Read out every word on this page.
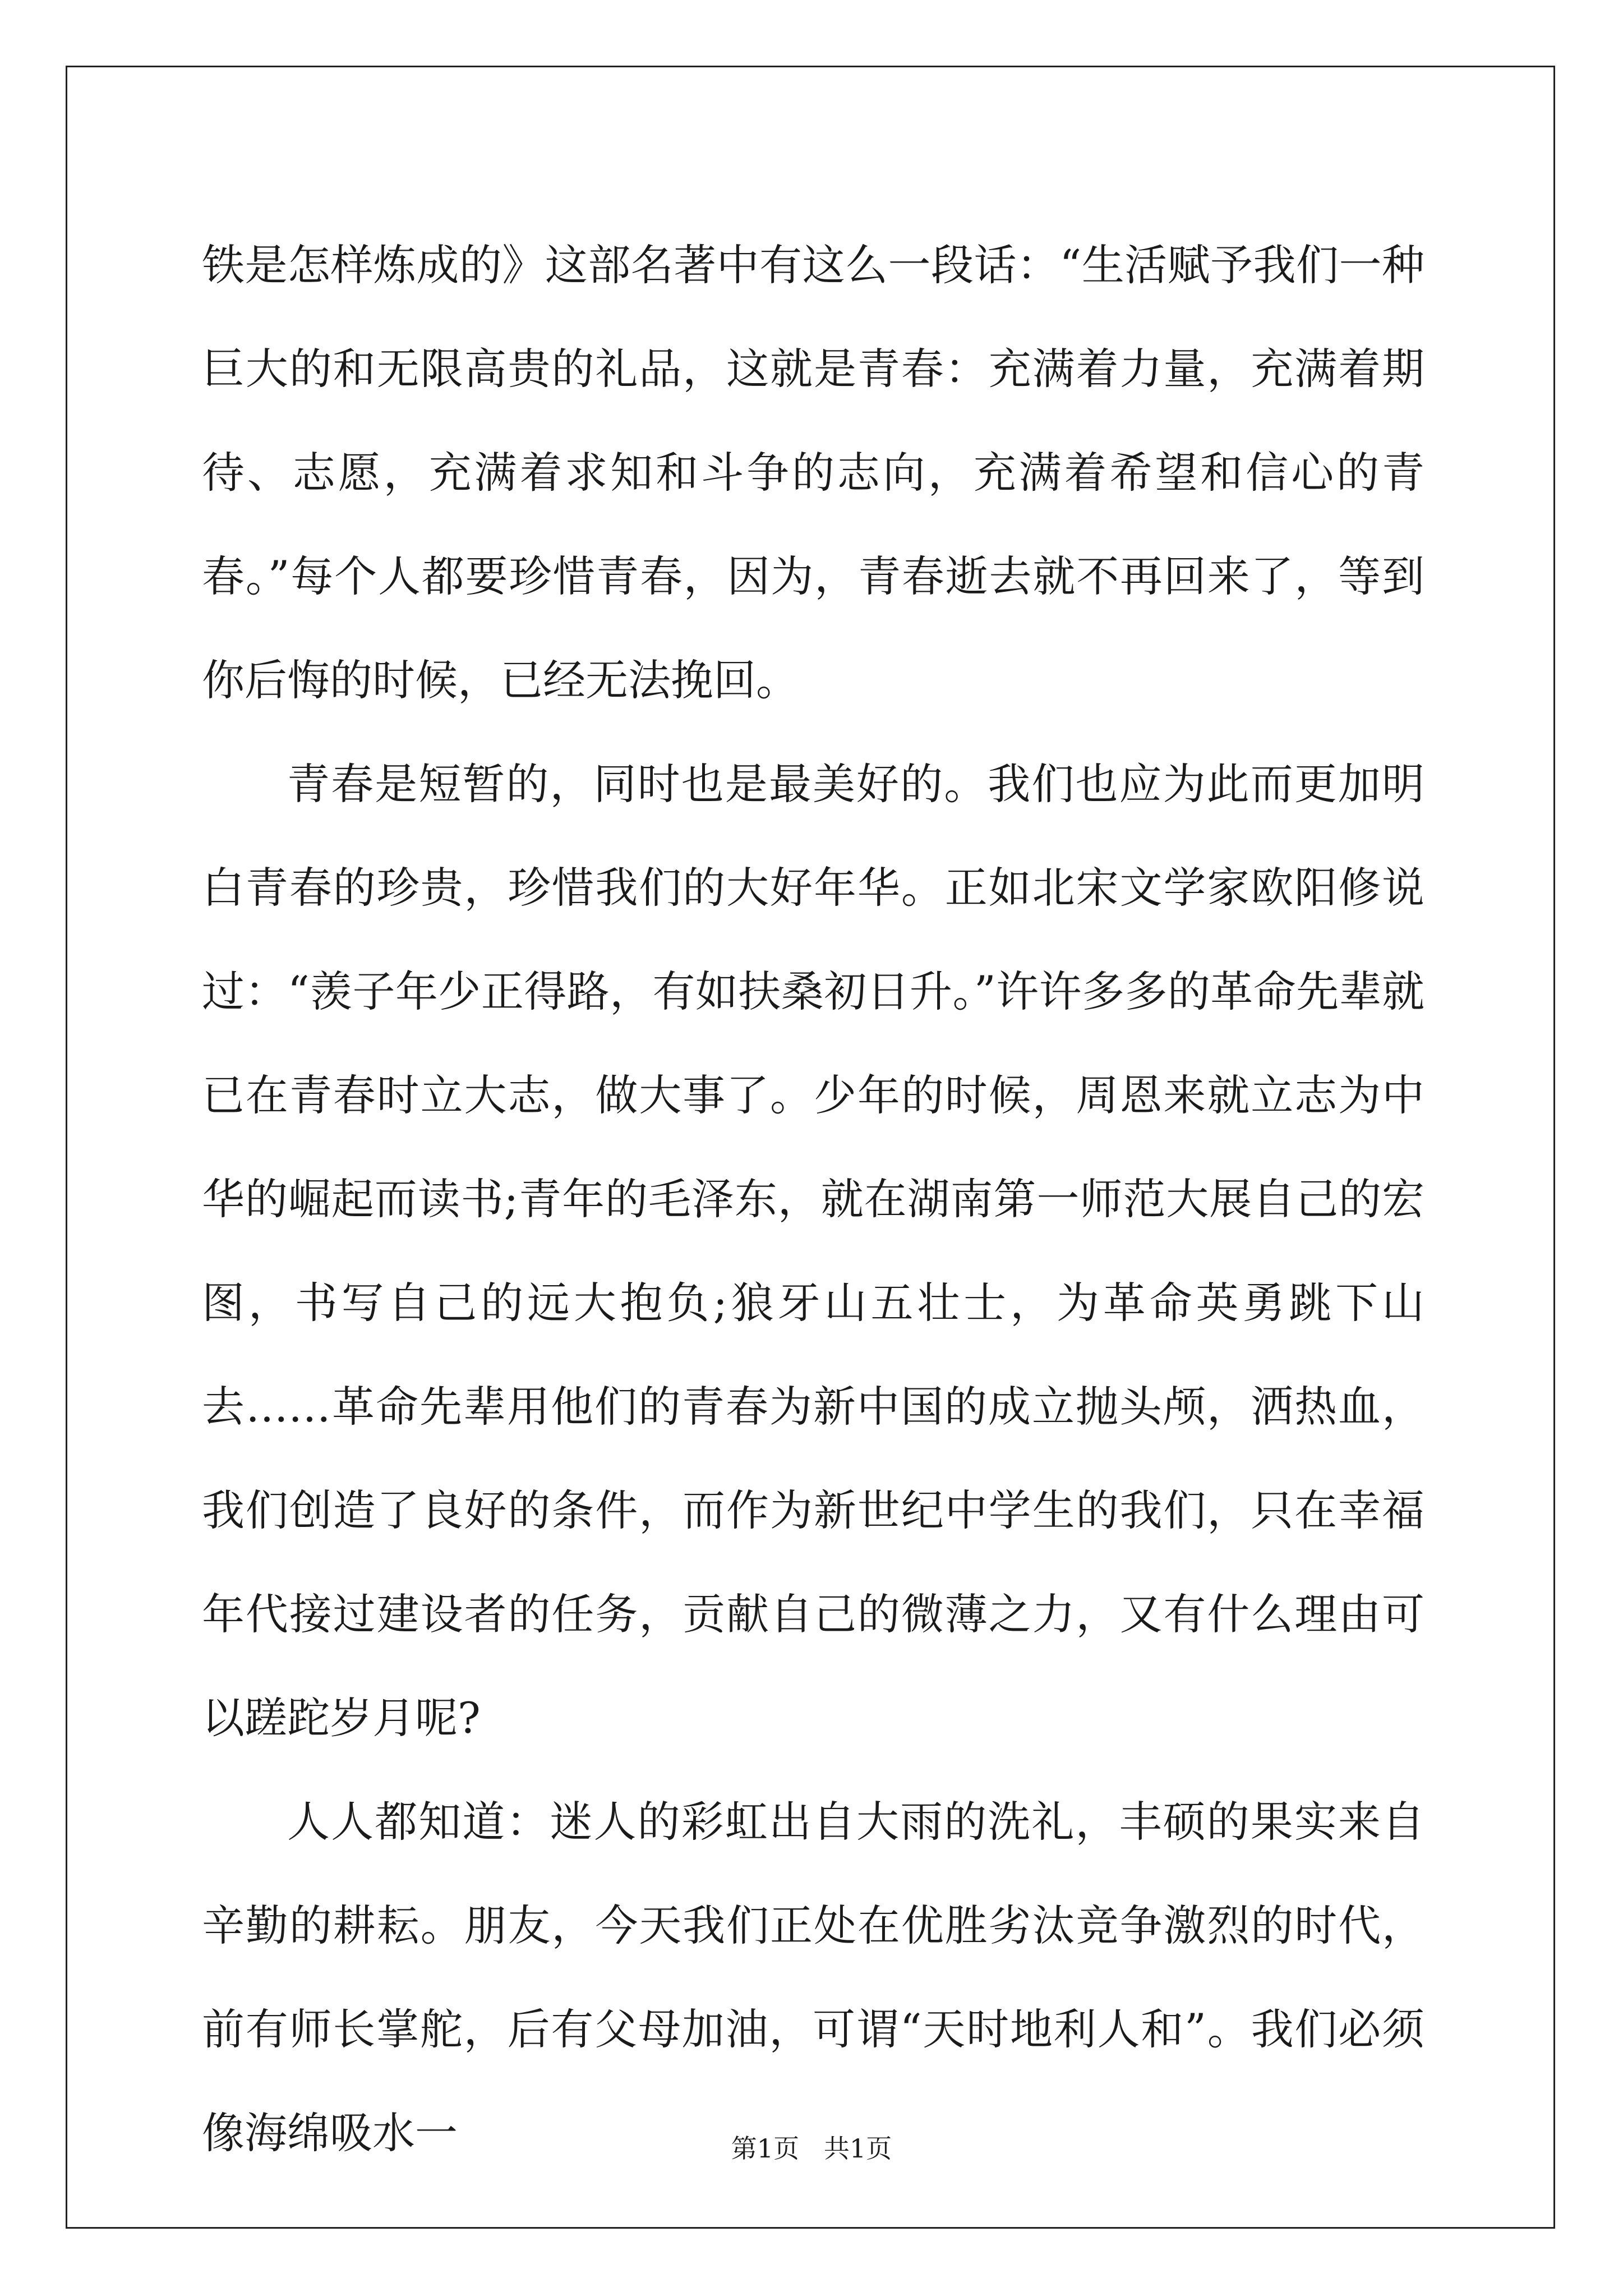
铁是怎样炼成的》这部名著中有这么一段话：“生活赋予我们一种巨大的和无限高贵的礼品，这就是青春：充满着力量，充满着期待、志愿，充满着求知和斗争的志向，充满着希望和信心的青春。”每个人都要珍惜青春，因为，青春逝去就不再回来了，等到你后悔的时候，已经无法挽回。

青春是短暂的，同时也是最美好的。我们也应为此而更加明白青春的珍贵，珍惜我们的大好年华。正如北宋文学家欧阳修说过：“羡子年少正得路，有如扶桑初日升。”许许多多的革命先辈就已在青春时立大志，做大事了。少年的时候，周恩来就立志为中华的崛起而读书;青年的毛泽东，就在湖南第一师范大展自己的宏图，书写自己的远大抱负;狼牙山五壮士，为革命英勇跳下山去……革命先辈用他们的青春为新中国的成立抛头颅，洒热血，我们创造了良好的条件，而作为新世纪中学生的我们，只在幸福年代接过建设者的任务，贡献自己的微薄之力，又有什么理由可以蹉跎岁月呢?

人人都知道：迷人的彩虹出自大雨的洗礼，丰硕的果实来自辛勤的耕耘。朋友，今天我们正处在优胜劣汰竞争激烈的时代，前有师长掌舵，后有父母加油，可谓“天时地利人和”。我们必须像海绵吸水一	第1页   共1页
